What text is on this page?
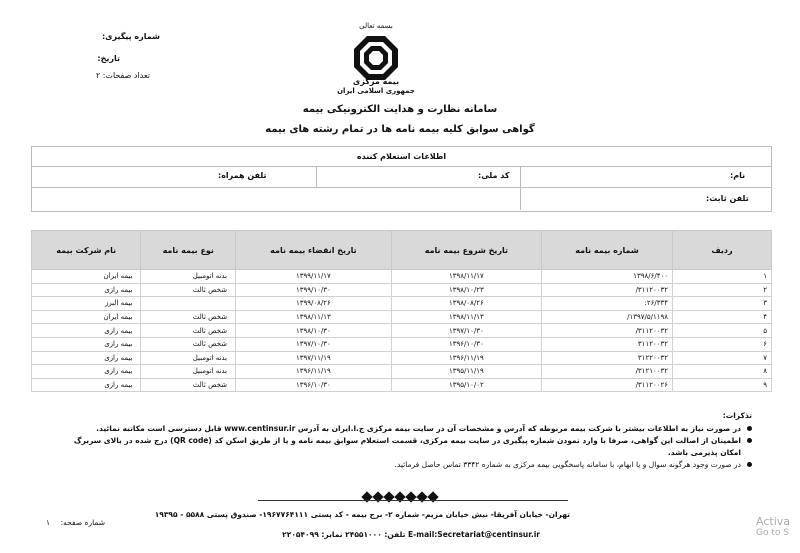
بسمه تعالی
شماره پیگیری:
تاریخ:
تعداد صفحات:
۲
بیمه مرکزی
جمهوری اسلامی ایران
سامانه نظارت و هدایت الکترونیکی بیمه
گواهی سوابق کلیه بیمه نامه ها در تمام رشته های بیمه
اطلاعات استعلام کننده
نام:
کد ملی:
تلفن همراه:
تلفن ثابت:
ردیف	شماره بیمه نامه	تاریخ شروع بیمه نامه	تاریخ انقضاء بیمه نامه	نوع بیمه نامه	نام شرکت بیمه
۱	۱۳۹۸/۶/۴۰۰	۱۳۹۸/۱۱/۱۷	۱۳۹۹/۱۱/۱۷	بدنه اتومبیل	بیمه ایران
۲	۳۱۱۲۰۰۳۲/	۱۳۹۸/۱۰/۲۳	۱۳۹۹/۱۰/۳۰	شخص ثالث	بیمه رازی
۳	۲۶/۳۳۴:	۱۳۹۸/۰۸/۲۶	۱۳۹۹/۰۸/۲۶		بیمه البرز
۴	۱۳۹۷/۵/۱۱۹۸/	۱۳۹۸/۱۱/۱۳	۱۳۹۸/۱۱/۱۳	شخص ثالث	بیمه ایران
۵	۳۱۱۲۰۰۳۲/	۱۳۹۷/۱۰/۳۰	۱۳۹۸/۱۰/۳۰	شخص ثالث	بیمه رازی
۶	۳۱۱۲۰۰۳۲	۱۳۹۶/۱۰/۳۰	۱۳۹۷/۱۰/۳۰	شخص ثالث	بیمه رازی
۷	۳۱۲۲۰۰۳۲	۱۳۹۶/۱۱/۱۹	۱۳۹۷/۱۱/۱۹	بدنه اتومبیل	بیمه رازی
۸	۳۱۲۱۰۰۳۲/	۱۳۹۵/۱۱/۱۹	۱۳۹۶/۱۱/۱۹	بدنه اتومبیل	بیمه رازی
۹	۳۱۱۲۰۰۲۶/	۱۳۹۵/۱۰/۰۲	۱۳۹۶/۱۰/۳۰	شخص ثالث	بیمه رازی
تذکرات:
در صورت نیاز به اطلاعات بیشتر با شرکت بیمه مربوطه که آدرس و مشخصات آن در سایت بیمه مرکزی ج.ا.ایران به آدرس www.centinsur.ir قابل دسترسی است مکاتبه نمائید.
اطمینان از اصالت این گواهی، صرفا با وارد نمودن شماره پیگیری در سایت بیمه مرکزی، قسمت استعلام سوابق بیمه نامه و یا از طریق اسکن کد (QR code) درج شده در بالای سربرگ امکان پذیرمی باشد.
در صورت وجود هرگونه سوال و یا ابهام، با سامانه پاسخگویی بیمه مرکزی به شماره ۳۳۴۲ تماس حاصل فرمائید.
تهران- خیابان آفریقا- نبش خیابان مریم- شماره ۲- برج بیمه - کد پستی ۱۹۶۷۷۶۴۱۱۱- صندوق پستی ۵۵۸۸ - ۱۹۳۹۵
E-mail:Secretariat@centinsur.ir تلفن: ۲۴۵۵۱۰۰۰ نمابر: ۲۲۰۵۴۰۹۹
شماره صفحه:
۱	Activa
Go to S
